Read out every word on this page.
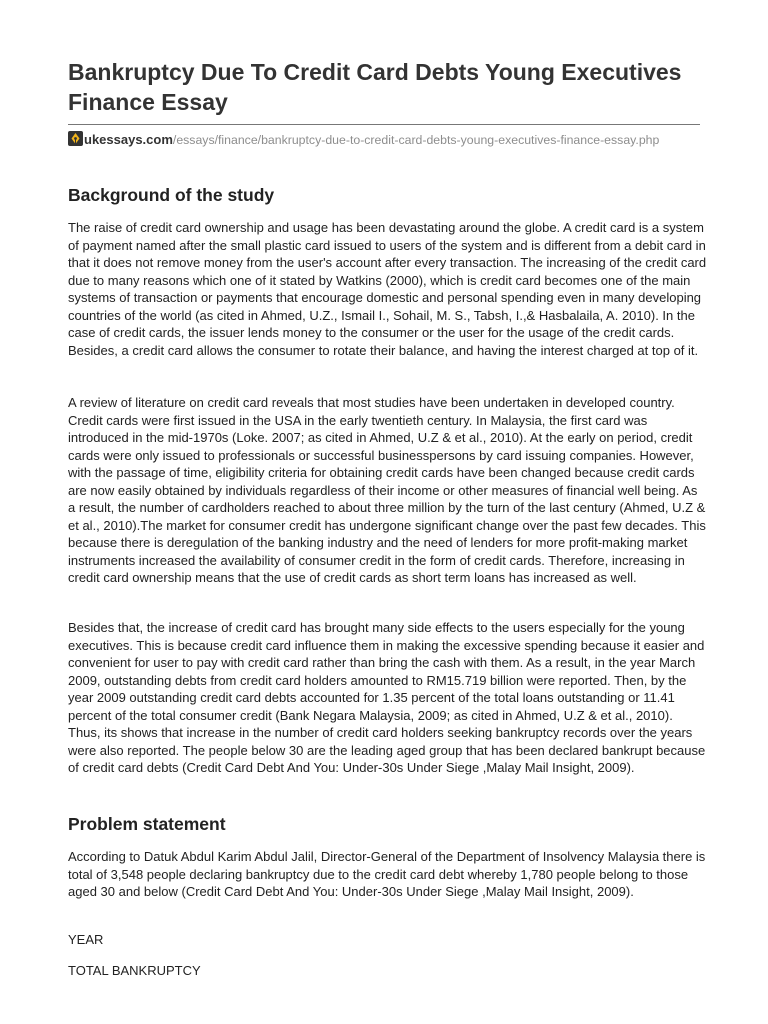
Bankruptcy Due To Credit Card Debts Young Executives Finance Essay
ukessays.com/essays/finance/bankruptcy-due-to-credit-card-debts-young-executives-finance-essay.php
Background of the study

The raise of credit card ownership and usage has been devastating around the globe. A credit card is a system of payment named after the small plastic card issued to users of the system and is different from a debit card in that it does not remove money from the user's account after every transaction. The increasing of the credit card due to many reasons which one of it stated by Watkins (2000), which is credit card becomes one of the main systems of transaction or payments that encourage domestic and personal spending even in many developing countries of the world (as cited in Ahmed, U.Z., Ismail I., Sohail, M. S., Tabsh, I.,& Hasbalaila, A. 2010). In the case of credit cards, the issuer lends money to the consumer or the user for the usage of the credit cards. Besides, a credit card allows the consumer to rotate their balance, and having the interest charged at top of it.

A review of literature on credit card reveals that most studies have been undertaken in developed country. Credit cards were first issued in the USA in the early twentieth century. In Malaysia, the first card was introduced in the mid-1970s (Loke. 2007; as cited in Ahmed, U.Z & et al., 2010). At the early on period, credit cards were only issued to professionals or successful businesspersons by card issuing companies. However, with the passage of time, eligibility criteria for obtaining credit cards have been changed because credit cards are now easily obtained by individuals regardless of their income or other measures of financial well being. As a result, the number of cardholders reached to about three million by the turn of the last century (Ahmed, U.Z & et al., 2010).The market for consumer credit has undergone significant change over the past few decades. This because there is deregulation of the banking industry and the need of lenders for more profit-making market instruments increased the availability of consumer credit in the form of credit cards. Therefore, increasing in credit card ownership means that the use of credit cards as short term loans has increased as well.

Besides that, the increase of credit card has brought many side effects to the users especially for the young executives. This is because credit card influence them in making the excessive spending because it easier and convenient for user to pay with credit card rather than bring the cash with them. As a result, in the year March 2009, outstanding debts from credit card holders amounted to RM15.719 billion were reported. Then, by the year 2009 outstanding credit card debts accounted for 1.35 percent of the total loans outstanding or 11.41 percent of the total consumer credit (Bank Negara Malaysia, 2009; as cited in Ahmed, U.Z & et al., 2010). Thus, its shows that increase in the number of credit card holders seeking bankruptcy records over the years were also reported. The people below 30 are the leading aged group that has been declared bankrupt because of credit card debts (Credit Card Debt And You: Under-30s Under Siege ,Malay Mail Insight, 2009).

Problem statement

According to Datuk Abdul Karim Abdul Jalil, Director-General of the Department of Insolvency Malaysia there is total of 3,548 people declaring bankruptcy due to the credit card debt whereby 1,780 people belong to those aged 30 and below (Credit Card Debt And You: Under-30s Under Siege ,Malay Mail Insight, 2009).

YEAR

TOTAL BANKRUPTCY
